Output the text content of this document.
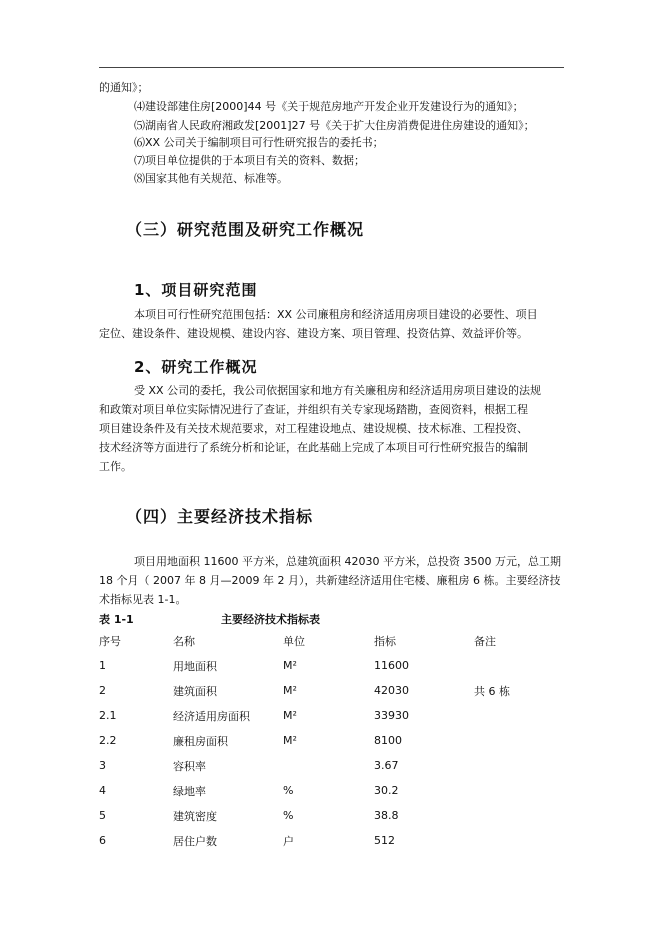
的通知》；
⑷建设部建住房[2000]44 号《关于规范房地产开发企业开发建设行为的通知》；
⑸湖南省人民政府湘政发[2001]27 号《关于扩大住房消费促进住房建设的通知》；
⑹XX 公司关于编制项目可行性研究报告的委托书；
⑺项目单位提供的于本项目有关的资料、数据；
⑻国家其他有关规范、标准等。
（三）研究范围及研究工作概况
1、项目研究范围

本项目可行性研究范围包括：XX 公司廉租房和经济适用房项目建设的必要性、项目

定位、建设条件、建设规模、建设内容、建设方案、项目管理、投资估算、效益评价等。

2、研究工作概况

受 XX 公司的委托，我公司依据国家和地方有关廉租房和经济适用房项目建设的法规

和政策对项目单位实际情况进行了查证，并组织有关专家现场踏勘，查阅资料，根据工程

项目建设条件及有关技术规范要求，对工程建设地点、建设规模、技术标准、工程投资、

技术经济等方面进行了系统分析和论证，在此基础上完成了本项目可行性研究报告的编制

工作。

（四）主要经济技术指标

项目用地面积 11600 平方米，总建筑面积 42030 平方米，总投资 3500 万元，总工期

18 个月（ 2007 年 8 月—2009 年 2 月），共新建经济适用住宅楼、廉租房 6 栋。主要经济技

术指标见表 1-1。

表 1-1	主要经济技术指标表
序号	名称	单位	指标	备注
1	用地面积	M²	11600	
2	建筑面积	M²	42030	共 6 栋
2.1	经济适用房面积	M²	33930	
2.2	廉租房面积	M²	8100	
3	容积率		3.67	
4	绿地率	%	30.2	
5	建筑密度	%	38.8	
6	居住户数	户	512	
